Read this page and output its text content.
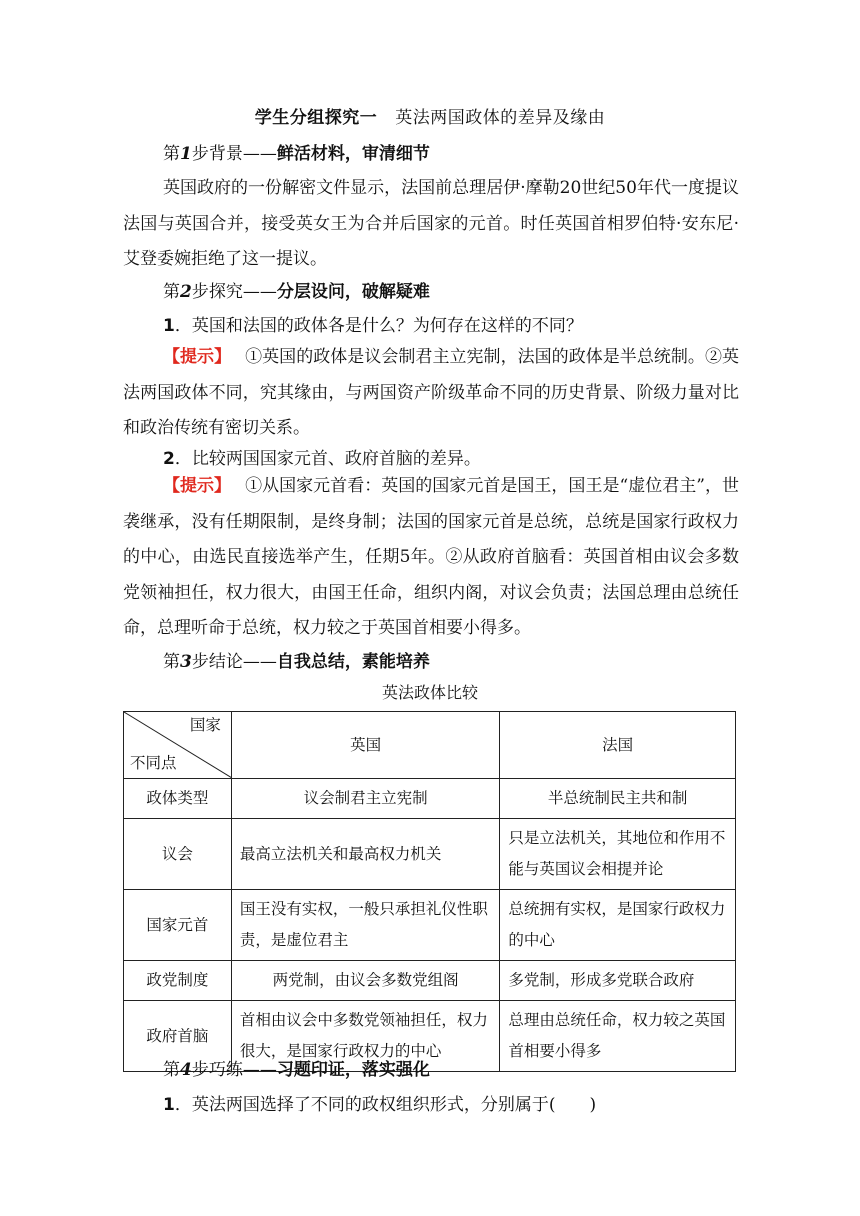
学生分组探究一 英法两国政体的差异及缘由
第1步背景——鲜活材料，审清细节
英国政府的一份解密文件显示，法国前总理居伊·摩勒20世纪50年代一度提议法国与英国合并，接受英女王为合并后国家的元首。时任英国首相罗伯特·安东尼·艾登委婉拒绝了这一提议。
第2步探究——分层设问，破解疑难
1．英国和法国的政体各是什么？为何存在这样的不同？
【提示】 ①英国的政体是议会制君主立宪制，法国的政体是半总统制。②英法两国政体不同，究其缘由，与两国资产阶级革命不同的历史背景、阶级力量对比和政治传统有密切关系。
2．比较两国国家元首、政府首脑的差异。
【提示】 ①从国家元首看：英国的国家元首是国王，国王是“虚位君主”，世袭继承，没有任期限制，是终身制；法国的国家元首是总统，总统是国家行政权力的中心，由选民直接选举产生，任期5年。②从政府首脑看：英国首相由议会多数党领袖担任，权力很大，由国王任命，组织内阁，对议会负责；法国总理由总统任命，总理听命于总统，权力较之于英国首相要小得多。
第3步结论——自我总结，素能培养
英法政体比较
国家
不同点	英国	法国
政体类型	议会制君主立宪制	半总统制民主共和制
议会	最高立法机关和最高权力机关	只是立法机关，其地位和作用不能与英国议会相提并论
国家元首	国王没有实权，一般只承担礼仪性职责，是虚位君主	总统拥有实权，是国家行政权力的中心
政党制度	两党制，由议会多数党组阁	多党制，形成多党联合政府
政府首脑	首相由议会中多数党领袖担任，权力很大，是国家行政权力的中心	总理由总统任命，权力较之英国首相要小得多
第4步巧练——习题印证，落实强化
1．英法两国选择了不同的政权组织形式，分别属于(　　)
